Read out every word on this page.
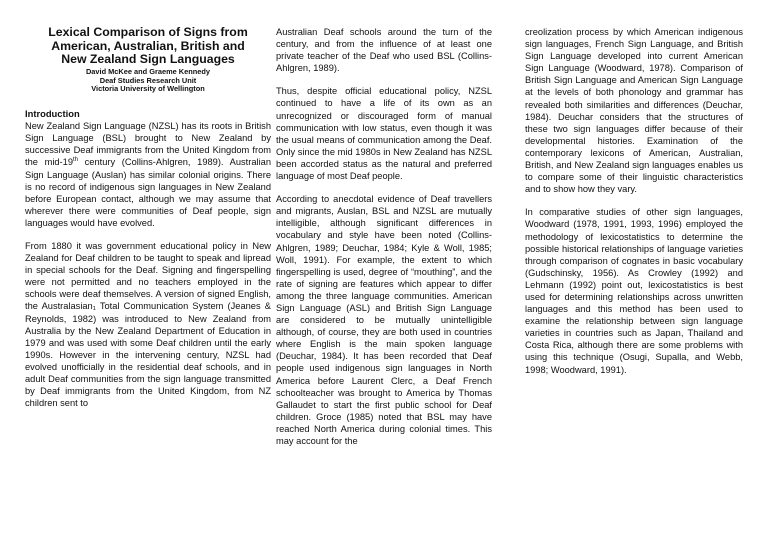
Lexical Comparison of Signs from
American, Australian, British and
New Zealand Sign Languages
David McKee and Graeme Kennedy
Deaf Studies Research Unit
Victoria University of Wellington
Introduction

New Zealand Sign Language (NZSL) has its roots in British Sign Language (BSL) brought to New Zealand by successive Deaf immigrants from the United Kingdom from the mid-19th century (Collins-Ahlgren, 1989). Australian Sign Language (Auslan) has similar colonial origins. There is no record of indigenous sign languages in New Zealand before European contact, although we may assume that wherever there were communities of Deaf people, sign languages would have evolved.

From 1880 it was government educational policy in New Zealand for Deaf children to be taught to speak and lipread in special schools for the Deaf. Signing and fingerspelling were not permitted and no teachers employed in the schools were deaf themselves. A version of signed English, the Australasian₁ Total Communication System (Jeanes & Reynolds, 1982) was introduced to New Zealand from Australia by the New Zealand Department of Education in 1979 and was used with some Deaf children until the early 1990s. However in the intervening century, NZSL had evolved unofficially in the residential deaf schools, and in adult Deaf communities from the sign language transmitted by Deaf immigrants from the United Kingdom, from NZ children sent to

Australian Deaf schools around the turn of the century, and from the influence of at least one private teacher of the Deaf who used BSL (Collins-Ahlgren, 1989).

Thus, despite official educational policy, NZSL continued to have a life of its own as an unrecognized or discouraged form of manual communication with low status, even though it was the usual means of communication among the Deaf. Only since the mid 1980s in New Zealand has NZSL been accorded status as the natural and preferred language of most Deaf people.

According to anecdotal evidence of Deaf travellers and migrants, Auslan, BSL and NZSL are mutually intelligible, although significant differences in vocabulary and style have been noted (Collins-Ahlgren, 1989; Deuchar, 1984; Kyle & Woll, 1985; Woll, 1991). For example, the extent to which fingerspelling is used, degree of “mouthing”, and the rate of signing are features which appear to differ among the three language communities. American Sign Language (ASL) and British Sign Language are considered to be mutually unintelligible although, of course, they are both used in countries where English is the main spoken language (Deuchar, 1984). It has been recorded that Deaf people used indigenous sign languages in North America before Laurent Clerc, a Deaf French schoolteacher was brought to America by Thomas Gallaudet to start the first public school for Deaf children. Groce (1985) noted that BSL may have reached North America during colonial times. This may account for the

creolization process by which American indigenous sign languages, French Sign Language, and British Sign Language developed into current American Sign Language (Woodward, 1978). Comparison of British Sign Language and American Sign Language at the levels of both phonology and grammar has revealed both similarities and differences (Deuchar, 1984). Deuchar considers that the structures of these two sign languages differ because of their developmental histories. Examination of the contemporary lexicons of American, Australian, British, and New Zealand sign languages enables us to compare some of their linguistic characteristics and to show how they vary.

In comparative studies of other sign languages, Woodward (1978, 1991, 1993, 1996) employed the methodology of lexicostatistics to determine the possible historical relationships of language varieties through comparison of cognates in basic vocabulary (Gudschinsky, 1956). As Crowley (1992) and Lehmann (1992) point out, lexicostatistics is best used for determining relationships across unwritten languages and this method has been used to examine the relationship between sign language varieties in countries such as Japan, Thailand and Costa Rica, although there are some problems with using this technique (Osugi, Supalla, and Webb, 1998; Woodward, 1991).
